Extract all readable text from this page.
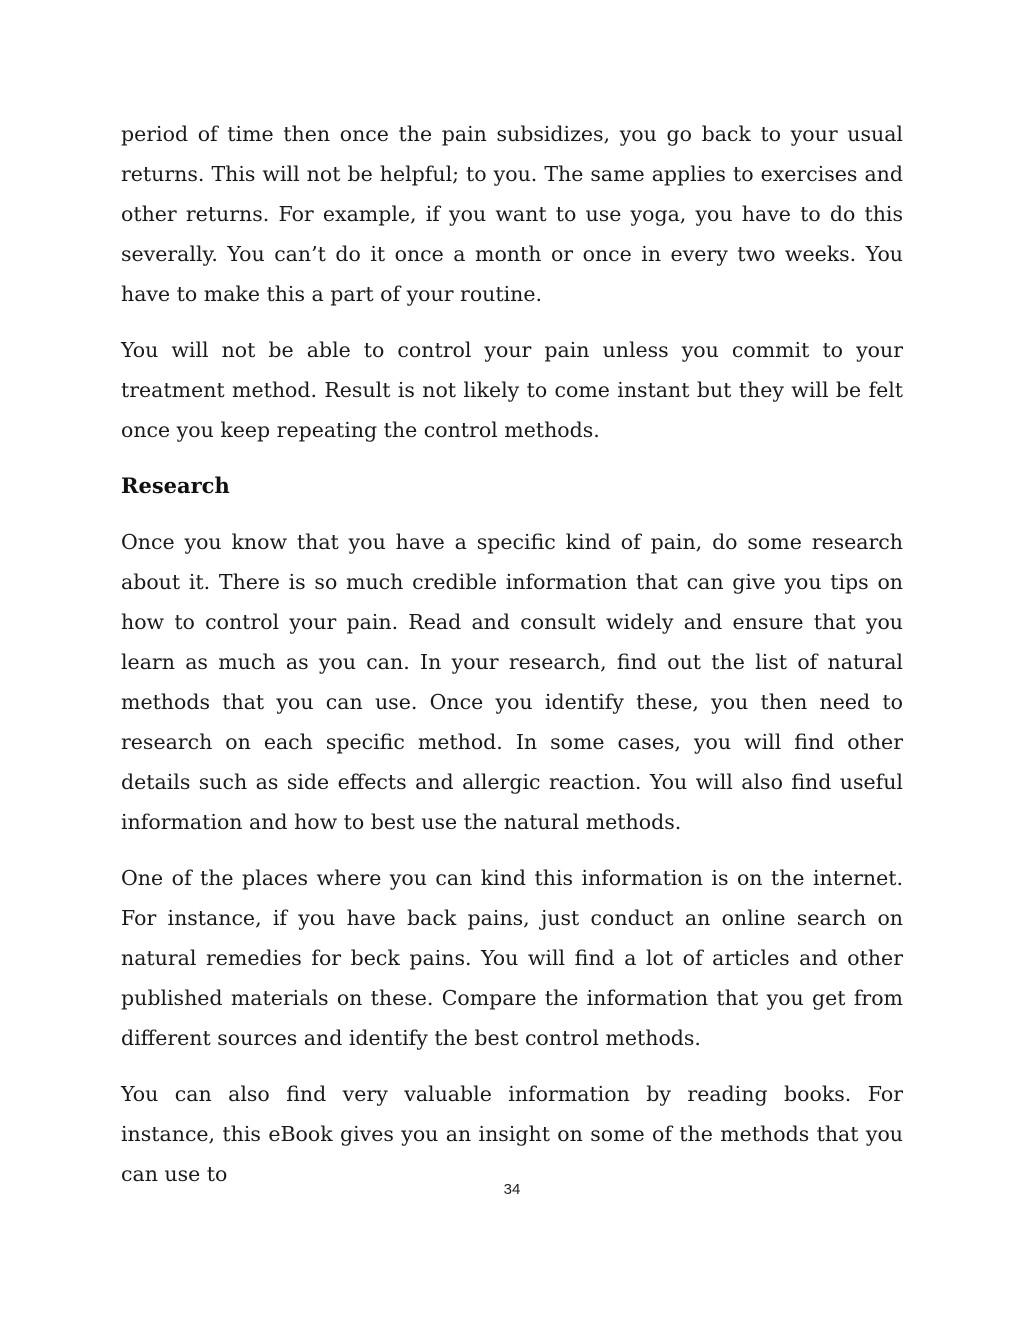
period of time then once the pain subsidizes, you go back to your usual returns. This will not be helpful; to you. The same applies to exercises and other returns. For example, if you want to use yoga, you have to do this severally. You can’t do it once a month or once in every two weeks. You have to make this a part of your routine.

You will not be able to control your pain unless you commit to your treatment method. Result is not likely to come instant but they will be felt once you keep repeating the control methods.

Research

Once you know that you have a specific kind of pain, do some research about it. There is so much credible information that can give you tips on how to control your pain. Read and consult widely and ensure that you learn as much as you can. In your research, find out the list of natural methods that you can use. Once you identify these, you then need to research on each specific method. In some cases, you will find other details such as side effects and allergic reaction. You will also find useful information and how to best use the natural methods.

One of the places where you can kind this information is on the internet. For instance, if you have back pains, just conduct an online search on natural remedies for beck pains. You will find a lot of articles and other published materials on these. Compare the information that you get from different sources and identify the best control methods.

You can also find very valuable information by reading books. For instance, this eBook gives you an insight on some of the methods that you can use to

34
